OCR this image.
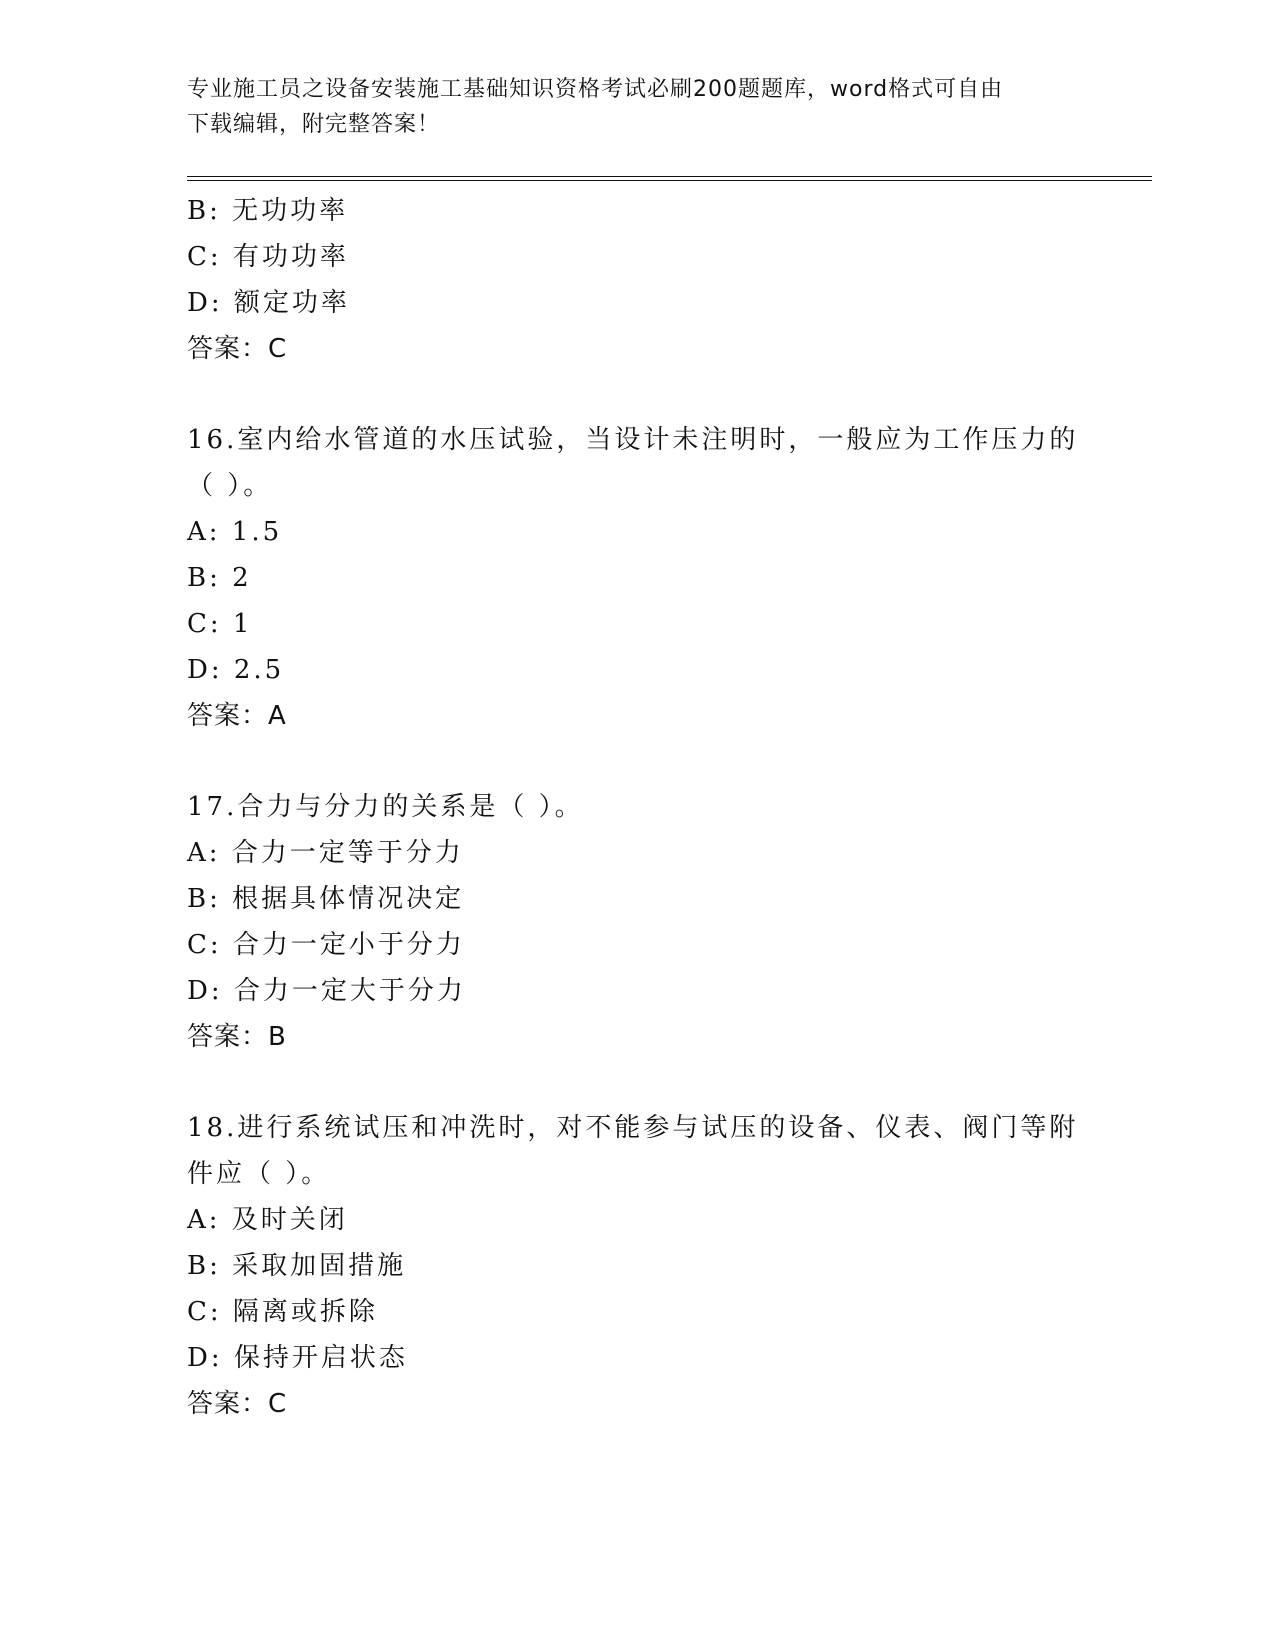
专业施工员之设备安装施工基础知识资格考试必刷200题题库，word格式可自由
下载编辑，附完整答案！
B: 无功功率
C: 有功功率
D: 额定功率
答案：C
16.室内给水管道的水压试验，当设计未注明时，一般应为工作压力的
（ ）。
A: 1.5
B: 2
C: 1
D: 2.5
答案：A
17.合力与分力的关系是（ ）。
A: 合力一定等于分力
B: 根据具体情况决定
C: 合力一定小于分力
D: 合力一定大于分力
答案：B
18.进行系统试压和冲洗时，对不能参与试压的设备、仪表、阀门等附
件应（ ）。
A: 及时关闭
B: 采取加固措施
C: 隔离或拆除
D: 保持开启状态
答案：C
